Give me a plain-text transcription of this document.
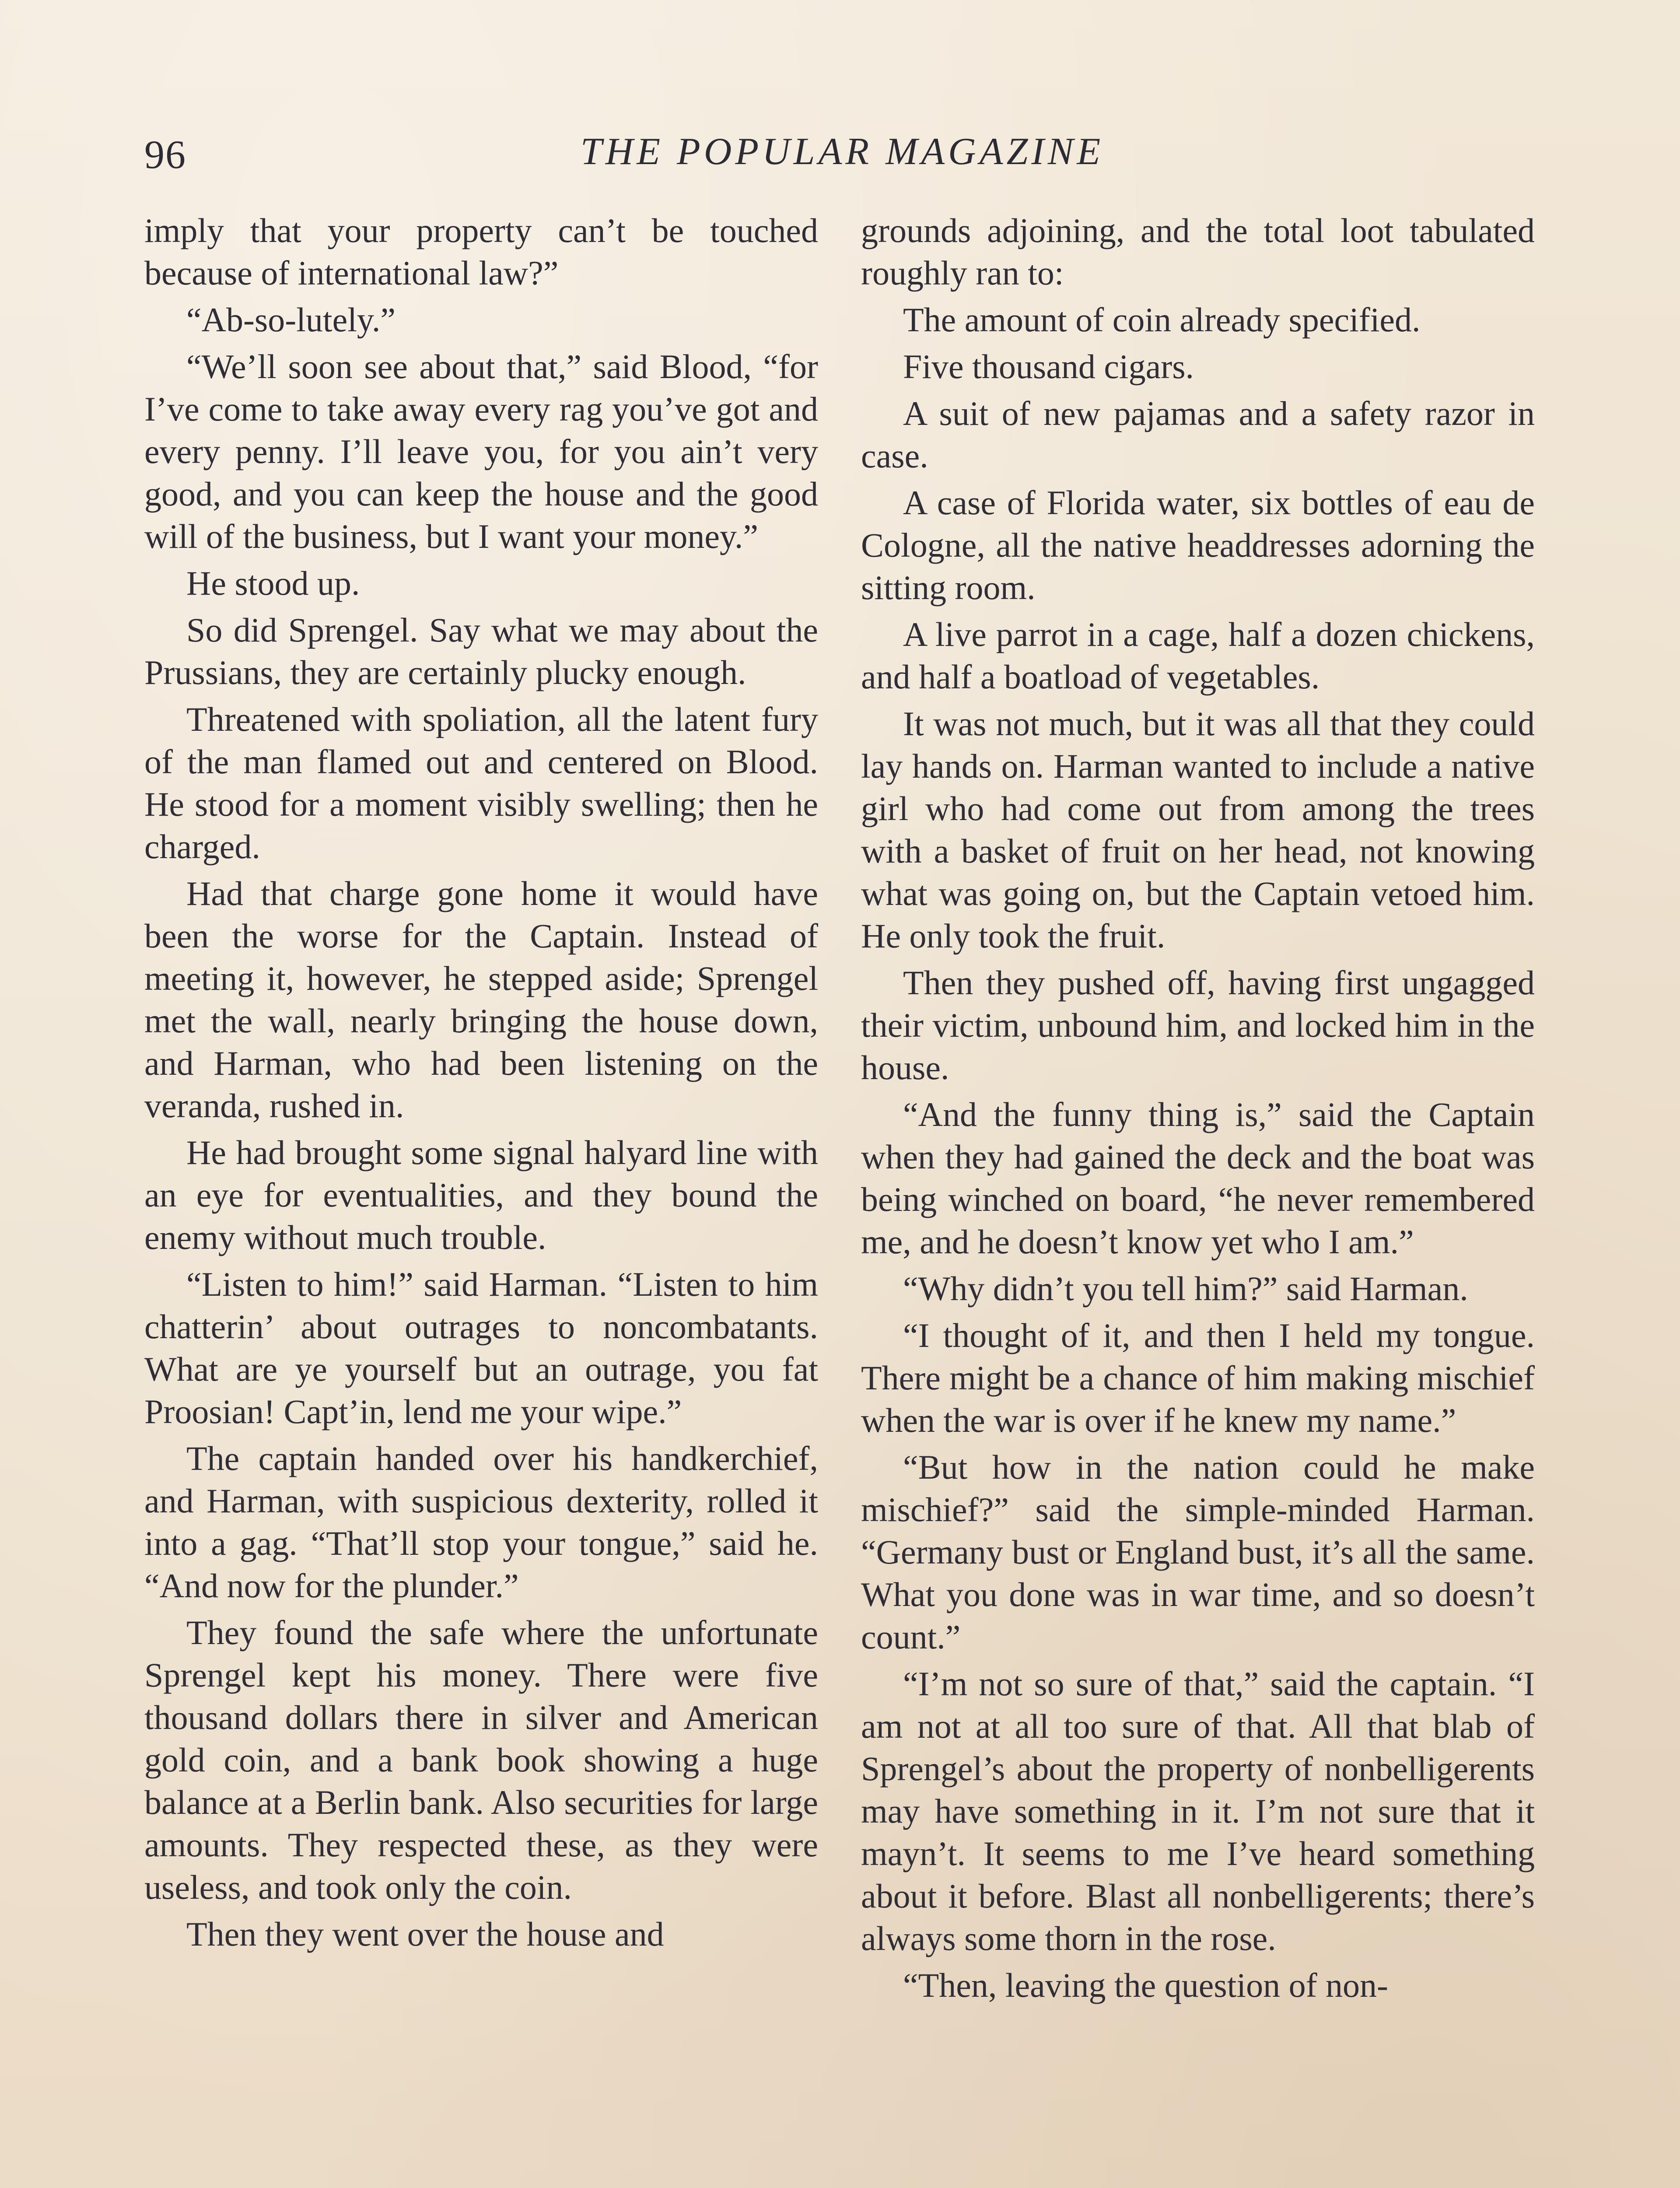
96	THE POPULAR MAGAZINE

imply that your property can’t be touched because of international law?”

“Ab-so-lutely.”

“We’ll soon see about that,” said Blood, “for I’ve come to take away every rag you’ve got and every penny. I’ll leave you, for you ain’t very good, and you can keep the house and the good will of the business, but I want your money.”

He stood up.

So did Sprengel. Say what we may about the Prussians, they are certainly plucky enough.

Threatened with spoliation, all the latent fury of the man flamed out and centered on Blood. He stood for a moment visibly swelling; then he charged.

Had that charge gone home it would have been the worse for the Captain. Instead of meeting it, however, he stepped aside; Sprengel met the wall, nearly bringing the house down, and Harman, who had been listening on the veranda, rushed in.

He had brought some signal halyard line with an eye for eventualities, and they bound the enemy without much trouble.

“Listen to him!” said Harman. “Listen to him chatterin’ about outrages to noncombatants. What are ye yourself but an outrage, you fat Proosian! Capt’in, lend me your wipe.”

The captain handed over his handkerchief, and Harman, with suspicious dexterity, rolled it into a gag. “That’ll stop your tongue,” said he. “And now for the plunder.”

They found the safe where the unfortunate Sprengel kept his money. There were five thousand dollars there in silver and American gold coin, and a bank book showing a huge balance at a Berlin bank. Also securities for large amounts. They respected these, as they were useless, and took only the coin.

Then they went over the house and

grounds adjoining, and the total loot tabulated roughly ran to:

The amount of coin already specified.

Five thousand cigars.

A suit of new pajamas and a safety razor in case.

A case of Florida water, six bottles of eau de Cologne, all the native headdresses adorning the sitting room.

A live parrot in a cage, half a dozen chickens, and half a boatload of vegetables.

It was not much, but it was all that they could lay hands on. Harman wanted to include a native girl who had come out from among the trees with a basket of fruit on her head, not knowing what was going on, but the Captain vetoed him. He only took the fruit.

Then they pushed off, having first ungagged their victim, unbound him, and locked him in the house.

“And the funny thing is,” said the Captain when they had gained the deck and the boat was being winched on board, “he never remembered me, and he doesn’t know yet who I am.”

“Why didn’t you tell him?” said Harman.

“I thought of it, and then I held my tongue. There might be a chance of him making mischief when the war is over if he knew my name.”

“But how in the nation could he make mischief?” said the simple-minded Harman. “Germany bust or England bust, it’s all the same. What you done was in war time, and so doesn’t count.”

“I’m not so sure of that,” said the captain. “I am not at all too sure of that. All that blab of Sprengel’s about the property of nonbelligerents may have something in it. I’m not sure that it mayn’t. It seems to me I’ve heard something about it before. Blast all nonbelligerents; there’s always some thorn in the rose.

“Then, leaving the question of non-
